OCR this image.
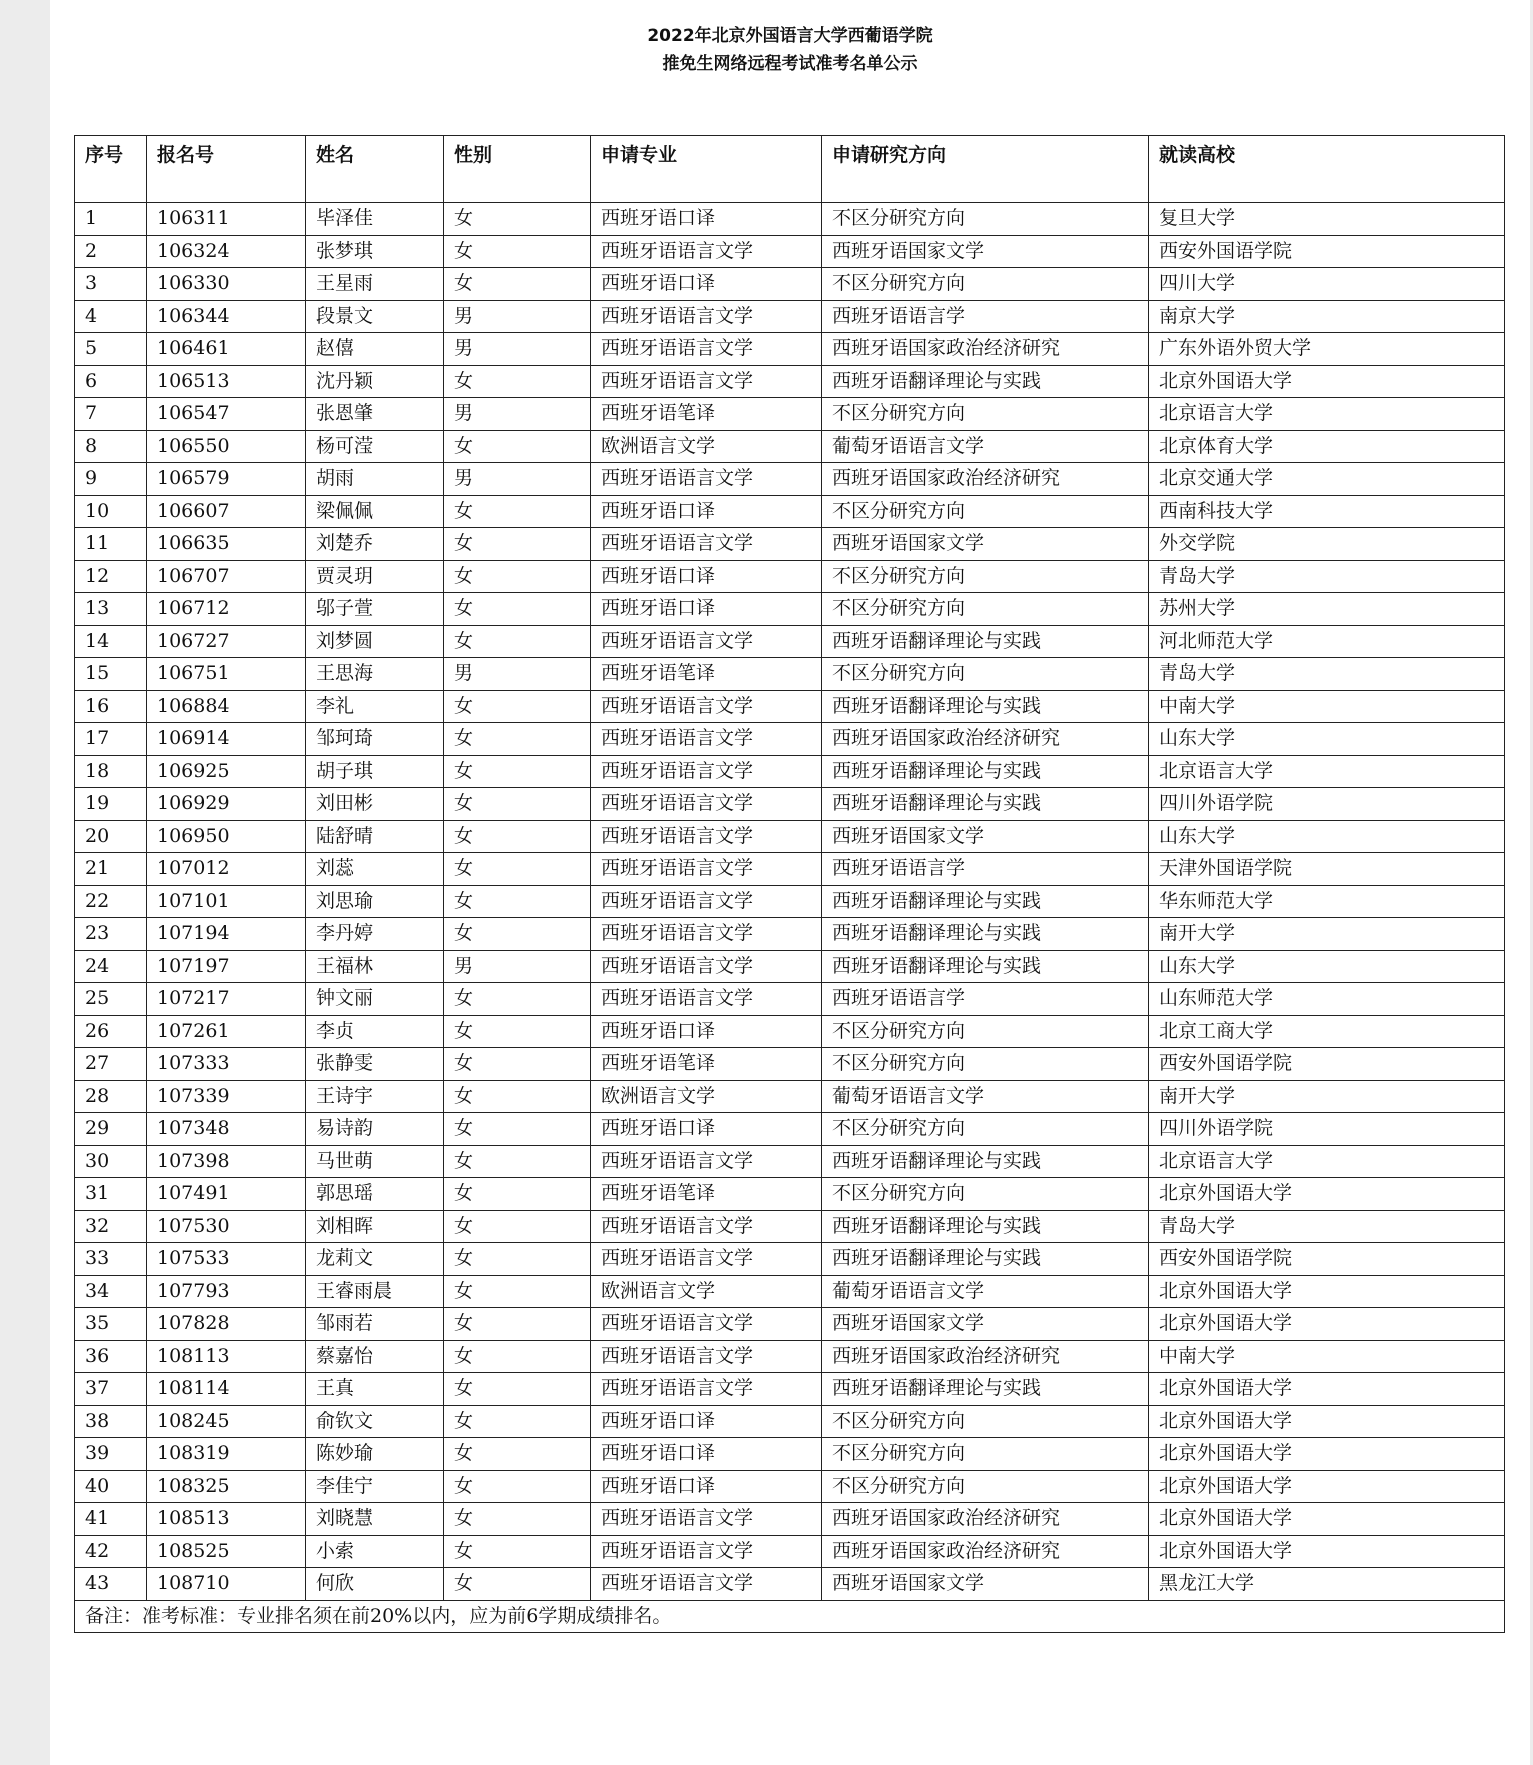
2022年北京外国语言大学西葡语学院
推免生网络远程考试准考名单公示
序号	报名号	姓名	性别	申请专业	申请研究方向	就读高校
1	106311	毕泽佳	女	西班牙语口译	不区分研究方向	复旦大学
2	106324	张梦琪	女	西班牙语语言文学	西班牙语国家文学	西安外国语学院
3	106330	王星雨	女	西班牙语口译	不区分研究方向	四川大学
4	106344	段景文	男	西班牙语语言文学	西班牙语语言学	南京大学
5	106461	赵僖	男	西班牙语语言文学	西班牙语国家政治经济研究	广东外语外贸大学
6	106513	沈丹颖	女	西班牙语语言文学	西班牙语翻译理论与实践	北京外国语大学
7	106547	张恩肇	男	西班牙语笔译	不区分研究方向	北京语言大学
8	106550	杨可滢	女	欧洲语言文学	葡萄牙语语言文学	北京体育大学
9	106579	胡雨	男	西班牙语语言文学	西班牙语国家政治经济研究	北京交通大学
10	106607	梁佩佩	女	西班牙语口译	不区分研究方向	西南科技大学
11	106635	刘楚乔	女	西班牙语语言文学	西班牙语国家文学	外交学院
12	106707	贾灵玥	女	西班牙语口译	不区分研究方向	青岛大学
13	106712	邬子萱	女	西班牙语口译	不区分研究方向	苏州大学
14	106727	刘梦圆	女	西班牙语语言文学	西班牙语翻译理论与实践	河北师范大学
15	106751	王思海	男	西班牙语笔译	不区分研究方向	青岛大学
16	106884	李礼	女	西班牙语语言文学	西班牙语翻译理论与实践	中南大学
17	106914	邹珂琦	女	西班牙语语言文学	西班牙语国家政治经济研究	山东大学
18	106925	胡子琪	女	西班牙语语言文学	西班牙语翻译理论与实践	北京语言大学
19	106929	刘田彬	女	西班牙语语言文学	西班牙语翻译理论与实践	四川外语学院
20	106950	陆舒晴	女	西班牙语语言文学	西班牙语国家文学	山东大学
21	107012	刘蕊	女	西班牙语语言文学	西班牙语语言学	天津外国语学院
22	107101	刘思瑜	女	西班牙语语言文学	西班牙语翻译理论与实践	华东师范大学
23	107194	李丹婷	女	西班牙语语言文学	西班牙语翻译理论与实践	南开大学
24	107197	王福林	男	西班牙语语言文学	西班牙语翻译理论与实践	山东大学
25	107217	钟文丽	女	西班牙语语言文学	西班牙语语言学	山东师范大学
26	107261	李贞	女	西班牙语口译	不区分研究方向	北京工商大学
27	107333	张静雯	女	西班牙语笔译	不区分研究方向	西安外国语学院
28	107339	王诗宇	女	欧洲语言文学	葡萄牙语语言文学	南开大学
29	107348	易诗韵	女	西班牙语口译	不区分研究方向	四川外语学院
30	107398	马世萌	女	西班牙语语言文学	西班牙语翻译理论与实践	北京语言大学
31	107491	郭思瑶	女	西班牙语笔译	不区分研究方向	北京外国语大学
32	107530	刘相晖	女	西班牙语语言文学	西班牙语翻译理论与实践	青岛大学
33	107533	龙莉文	女	西班牙语语言文学	西班牙语翻译理论与实践	西安外国语学院
34	107793	王睿雨晨	女	欧洲语言文学	葡萄牙语语言文学	北京外国语大学
35	107828	邹雨若	女	西班牙语语言文学	西班牙语国家文学	北京外国语大学
36	108113	蔡嘉怡	女	西班牙语语言文学	西班牙语国家政治经济研究	中南大学
37	108114	王真	女	西班牙语语言文学	西班牙语翻译理论与实践	北京外国语大学
38	108245	俞钦文	女	西班牙语口译	不区分研究方向	北京外国语大学
39	108319	陈妙瑜	女	西班牙语口译	不区分研究方向	北京外国语大学
40	108325	李佳宁	女	西班牙语口译	不区分研究方向	北京外国语大学
41	108513	刘晓慧	女	西班牙语语言文学	西班牙语国家政治经济研究	北京外国语大学
42	108525	小索	女	西班牙语语言文学	西班牙语国家政治经济研究	北京外国语大学
43	108710	何欣	女	西班牙语语言文学	西班牙语国家文学	黑龙江大学
备注：准考标准：专业排名须在前20%以内，应为前6学期成绩排名。						
